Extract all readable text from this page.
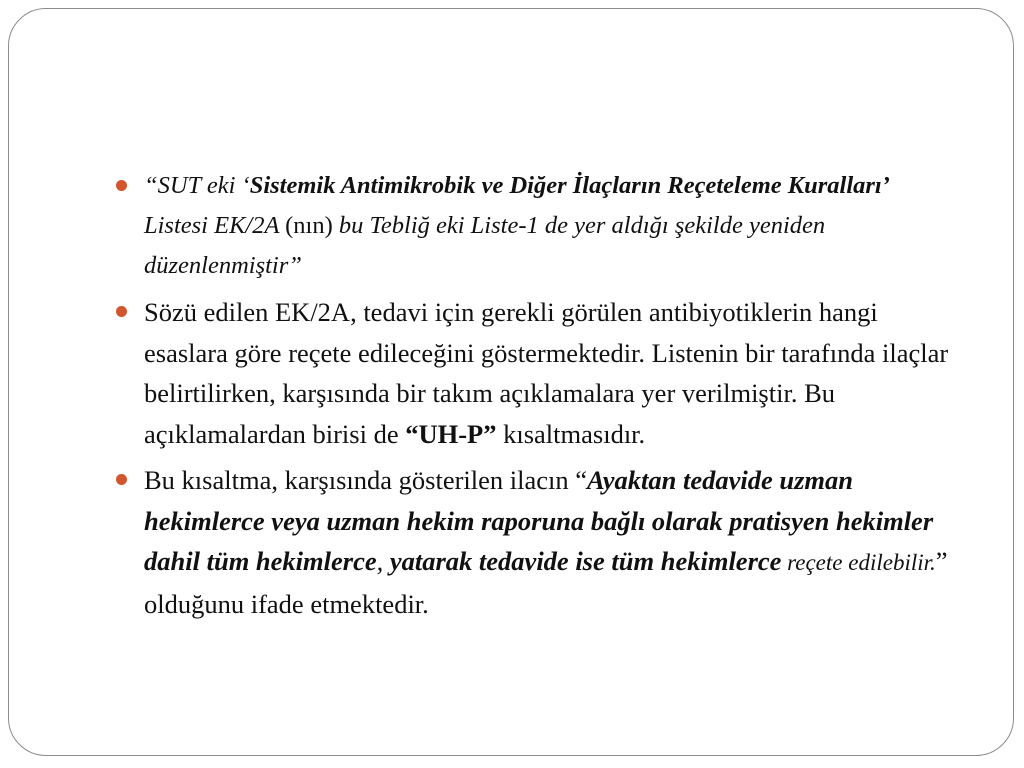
“SUT eki ‘Sistemik Antimikrobik ve Diğer İlaçların Reçeteleme Kuralları’ Listesi EK/2A (nın) bu Tebliğ eki Liste-1 de yer aldığı şekilde yeniden düzenlenmiştir”
Sözü edilen EK/2A, tedavi için gerekli görülen antibiyotiklerin hangi esaslara göre reçete edileceğini göstermektedir. Listenin bir tarafında ilaçlar belirtilirken, karşısında bir takım açıklamalara yer verilmiştir. Bu açıklamalardan birisi de “UH-P” kısaltmasıdır.
Bu kısaltma, karşısında gösterilen ilacın “Ayaktan tedavide uzman hekimlerce veya uzman hekim raporuna bağlı olarak pratisyen hekimler dahil tüm hekimlerce, yatarak tedavide ise tüm hekimlerce reçete edilebilir.” olduğunu ifade etmektedir.
